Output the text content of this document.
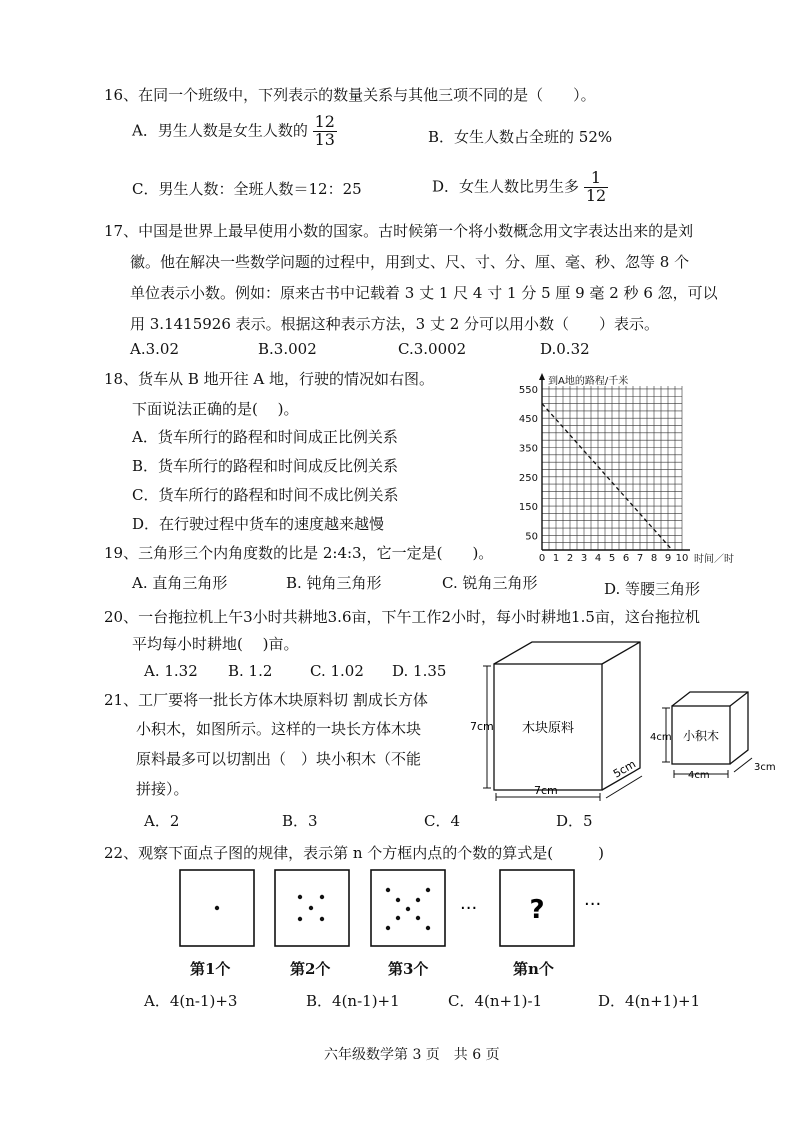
16、在同一个班级中，下列表示的数量关系与其他三项不同的是（　　）。
A．男生人数是女生人数的 $\frac{12}{13}$	B．女生人数占全班的 52%
C．男生人数：全班人数＝12：25	D．女生人数比男生多 $\frac{1}{12}$
17、中国是世界上最早使用小数的国家。古时候第一个将小数概念用文字表达出来的是刘
徽。他在解决一些数学问题的过程中，用到丈、尺、寸、分、厘、毫、秒、忽等 8 个
单位表示小数。例如：原来古书中记载着 3 丈 1 尺 4 寸 1 分 5 厘 9 毫 2 秒 6 忽，可以
用 3.1415926 表示。根据这种表示方法，3 丈 2 分可以用小数（　　）表示。
A.3.02	B.3.002	C.3.0002	D.0.32
18、货车从 B 地开往 A 地，行驶的情况如右图。
下面说法正确的是(　 )。
A．货车所行的路程和时间成正比例关系
B．货车所行的路程和时间成反比例关系
C．货车所行的路程和时间不成比例关系
D．在行驶过程中货车的速度越来越慢
50
150
250
350
450
550
0 1 2 3 4 5 6 7 8 9 10
到A地的路程/千米
时间／时
19、三角形三个内角度数的比是 2:4:3，它一定是(　　)。
A. 直角三角形	B. 钝角三角形	C. 锐角三角形	D. 等腰三角形
20、一台拖拉机上午3小时共耕地3.6亩，下午工作2小时，每小时耕地1.5亩，这台拖拉机
平均每小时耕地(　 )亩。
A. 1.32 B. 1.2	C. 1.02 D. 1.35
21、工厂要将一批长方体木块原料切 割成长方体
小积木，如图所示。这样的一块长方体木块
原料最多可以切割出（　）块小积木（不能
拼接）。
A．2	B．3	C．4	D．5
木块原料
7cm
7cm
5cm
小积木
4cm
4cm
3cm
22、观察下面点子图的规律，表示第 n 个方框内点的个数的算式是(　　　)
··· ? ···
第1个	第2个	第3个	第n个
A．4(n-1)+3	B．4(n-1)+1	C．4(n+1)-1	D．4(n+1)+1
六年级数学第 3 页　共 6 页
